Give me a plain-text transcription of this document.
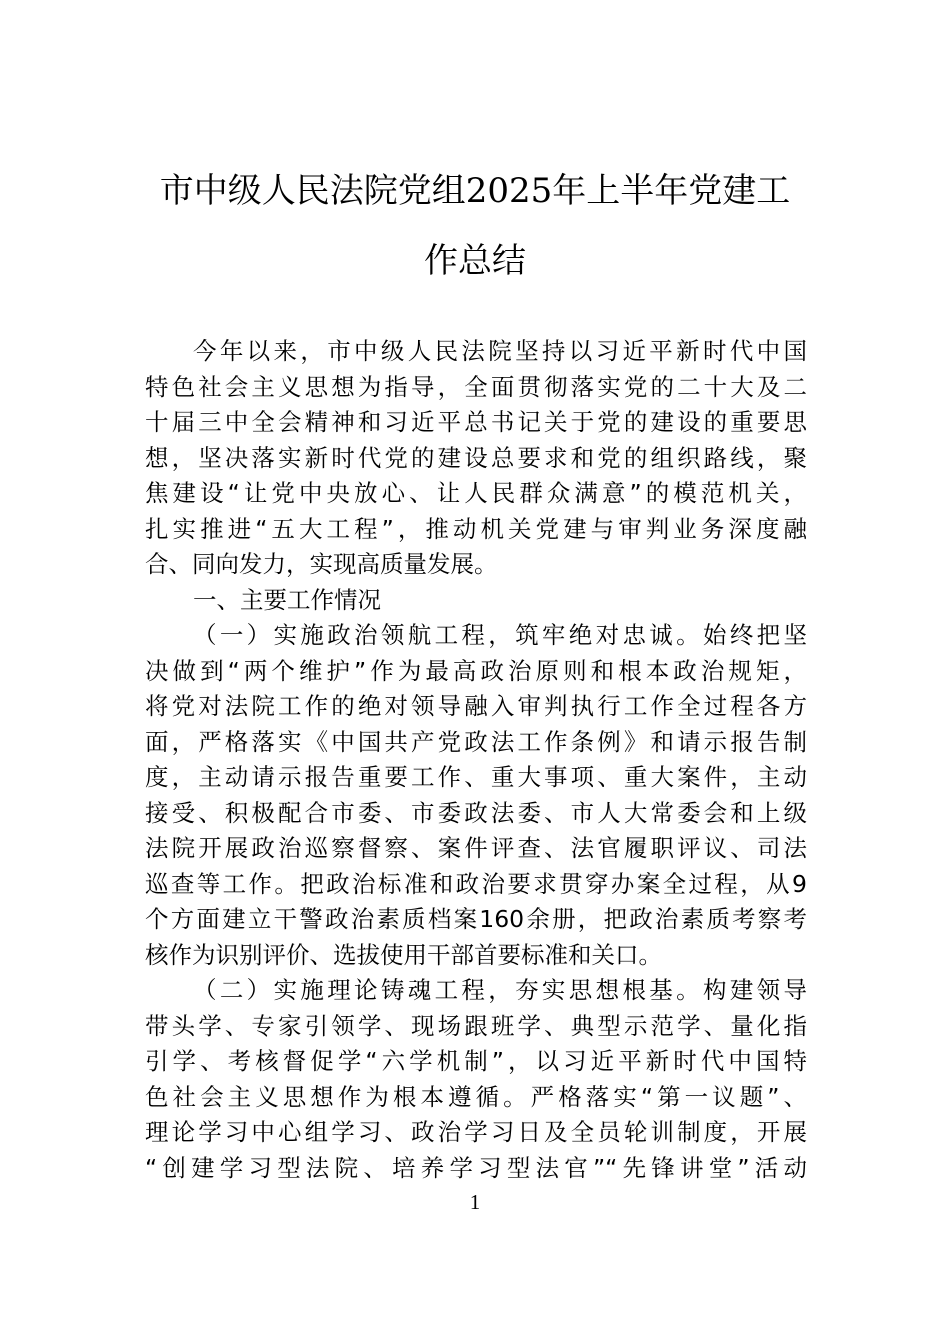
市中级人民法院党组2025年上半年党建工
作总结
今年以来，市中级人民法院坚持以习近平新时代中国
特色社会主义思想为指导，全面贯彻落实党的二十大及二
十届三中全会精神和习近平总书记关于党的建设的重要思
想，坚决落实新时代党的建设总要求和党的组织路线，聚
焦建设“让党中央放心、让人民群众满意”的模范机关，
扎实推进“五大工程”，推动机关党建与审判业务深度融
合、同向发力，实现高质量发展。
一、主要工作情况
（一）实施政治领航工程，筑牢绝对忠诚。始终把坚
决做到“两个维护”作为最高政治原则和根本政治规矩，
将党对法院工作的绝对领导融入审判执行工作全过程各方
面，严格落实《中国共产党政法工作条例》和请示报告制
度，主动请示报告重要工作、重大事项、重大案件，主动
接受、积极配合市委、市委政法委、市人大常委会和上级
法院开展政治巡察督察、案件评查、法官履职评议、司法
巡查等工作。把政治标准和政治要求贯穿办案全过程，从9
个方面建立干警政治素质档案160余册，把政治素质考察考
核作为识别评价、选拔使用干部首要标准和关口。
（二）实施理论铸魂工程，夯实思想根基。构建领导
带头学、专家引领学、现场跟班学、典型示范学、量化指
引学、考核督促学“六学机制”，以习近平新时代中国特
色社会主义思想作为根本遵循。严格落实“第一议题”、
理论学习中心组学习、政治学习日及全员轮训制度，开展
“创建学习型法院、培养学习型法官”“先锋讲堂”活动
1
